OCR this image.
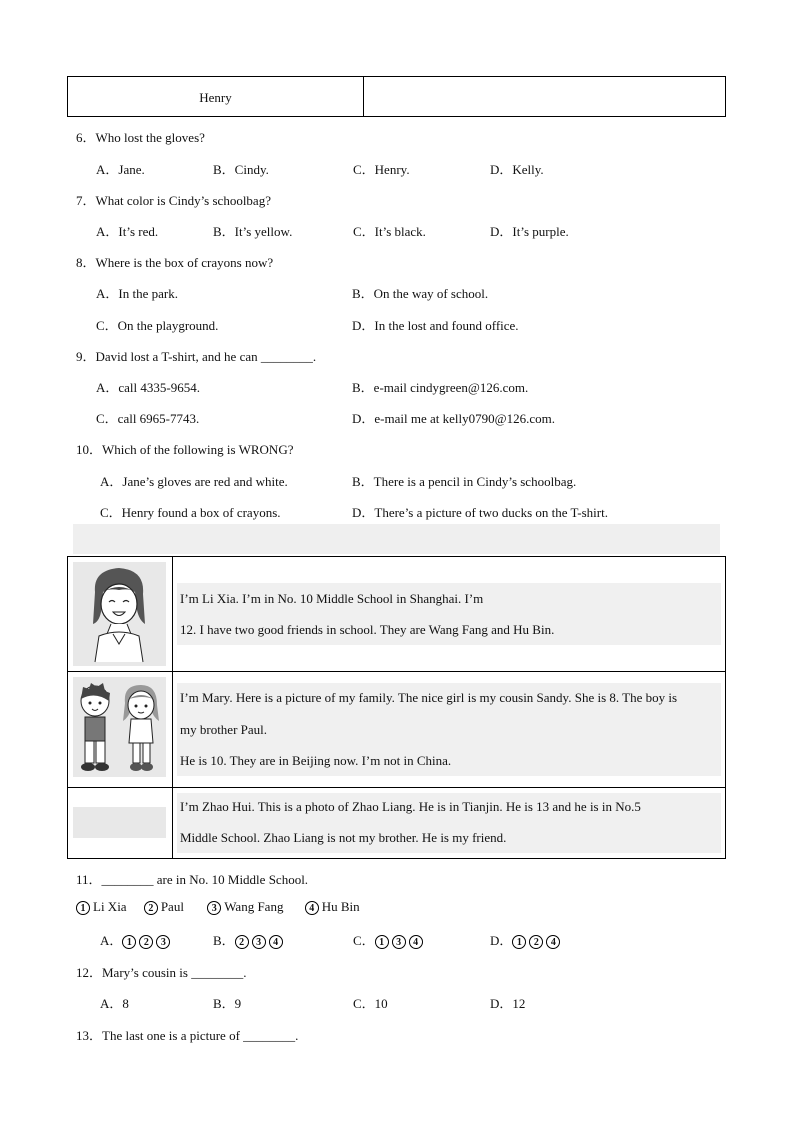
Henry
6．Who lost the gloves?
A．Jane.	B．Cindy.	C．Henry.	D．Kelly.
7．What color is Cindy’s schoolbag?
A．It’s red.	B．It’s yellow.	C．It’s black.	D．It’s purple.
8．Where is the box of crayons now?
A．In the park.	B．On the way of school.
C．On the playground.	D．In the lost and found office.
9．David lost a T-shirt, and he can ________.
A．call 4335-9654.	B．e-mail cindygreen@126.com.
C．call 6965-7743.	D．e-mail me at kelly0790@126.com.
10．Which of the following is WRONG?
A．Jane’s gloves are red and white.	B．There is a pencil in Cindy’s schoolbag.
C．Henry found a box of crayons.	D．There’s a picture of two ducks on the T-shirt.
I’m Li Xia. I’m in No. 10 Middle School in Shanghai. I’m
12. I have two good friends in school. They are Wang Fang and Hu Bin.
I’m Mary. Here is a picture of my family. The nice girl is my cousin Sandy. She is 8. The boy is
my brother Paul.
He is 10. They are in Beijing now. I’m not in China.
I’m Zhao Hui. This is a photo of Zhao Liang. He is in Tianjin. He is 13 and he is in No.5
Middle School. Zhao Liang is not my brother. He is my friend.
11．________ are in No. 10 Middle School.
1 Li Xia 2 Paul	3 Wang Fang	4 Hu Bin
A． 1 2 3	B． 2 3 4	C． 1 3 4	D． 1 2 4
12．Mary’s cousin is ________.
A．8	B．9	C．10	D．12
13．The last one is a picture of ________.
